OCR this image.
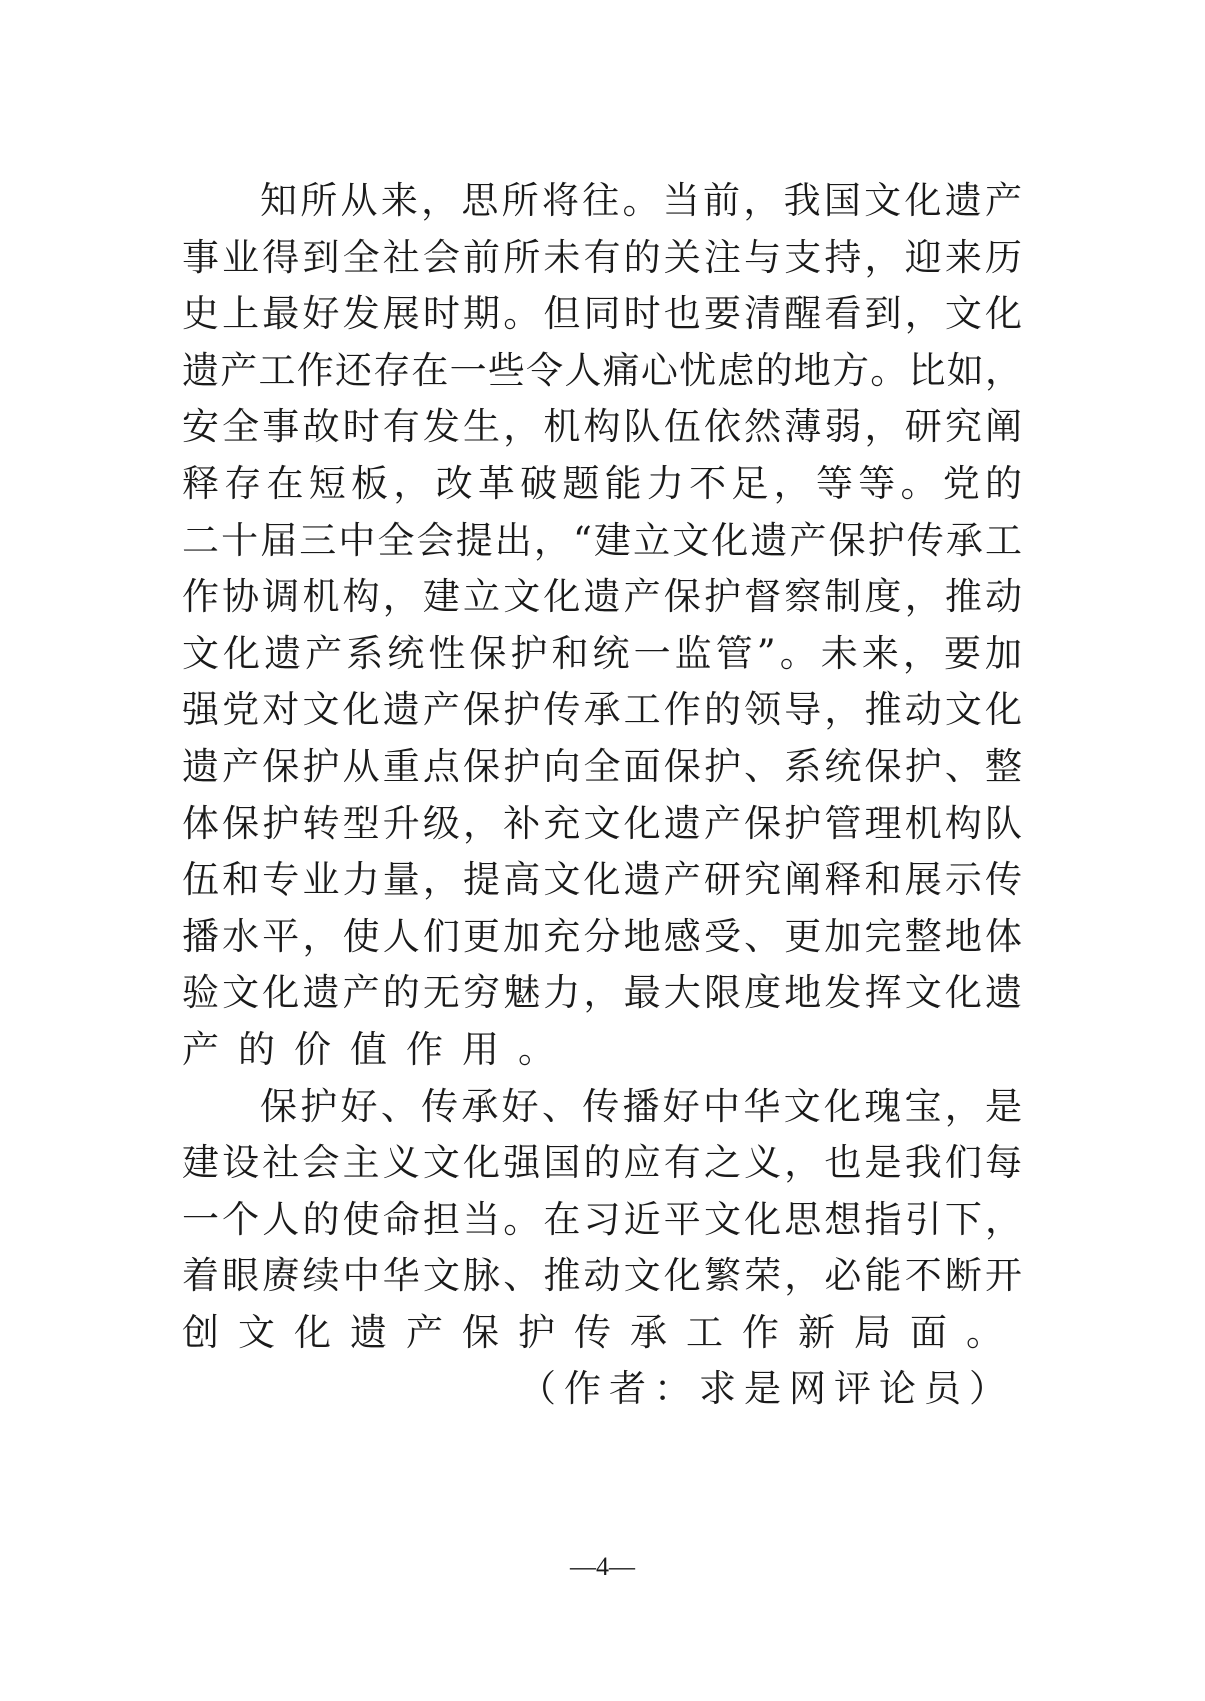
知所从来，思所将往。当前，我国文化遗产
事业得到全社会前所未有的关注与支持，迎来历
史上最好发展时期。但同时也要清醒看到，文化
遗产工作还存在一些令人痛心忧虑的地方。比如，
安全事故时有发生，机构队伍依然薄弱，研究阐
释存在短板，改革破题能力不足，等等。党的
二十届三中全会提出，“建立文化遗产保护传承工
作协调机构，建立文化遗产保护督察制度，推动
文化遗产系统性保护和统一监管”。未来，要加
强党对文化遗产保护传承工作的领导，推动文化
遗产保护从重点保护向全面保护、系统保护、整
体保护转型升级，补充文化遗产保护管理机构队
伍和专业力量，提高文化遗产研究阐释和展示传
播水平，使人们更加充分地感受、更加完整地体
验文化遗产的无穷魅力，最大限度地发挥文化遗
产的价值作用。
保护好、传承好、传播好中华文化瑰宝，是
建设社会主义文化强国的应有之义，也是我们每
一个人的使命担当。在习近平文化思想指引下，
着眼赓续中华文脉、推动文化繁荣，必能不断开
创文化遗产保护传承工作新局面。
（作者：求是网评论员）
—4—
